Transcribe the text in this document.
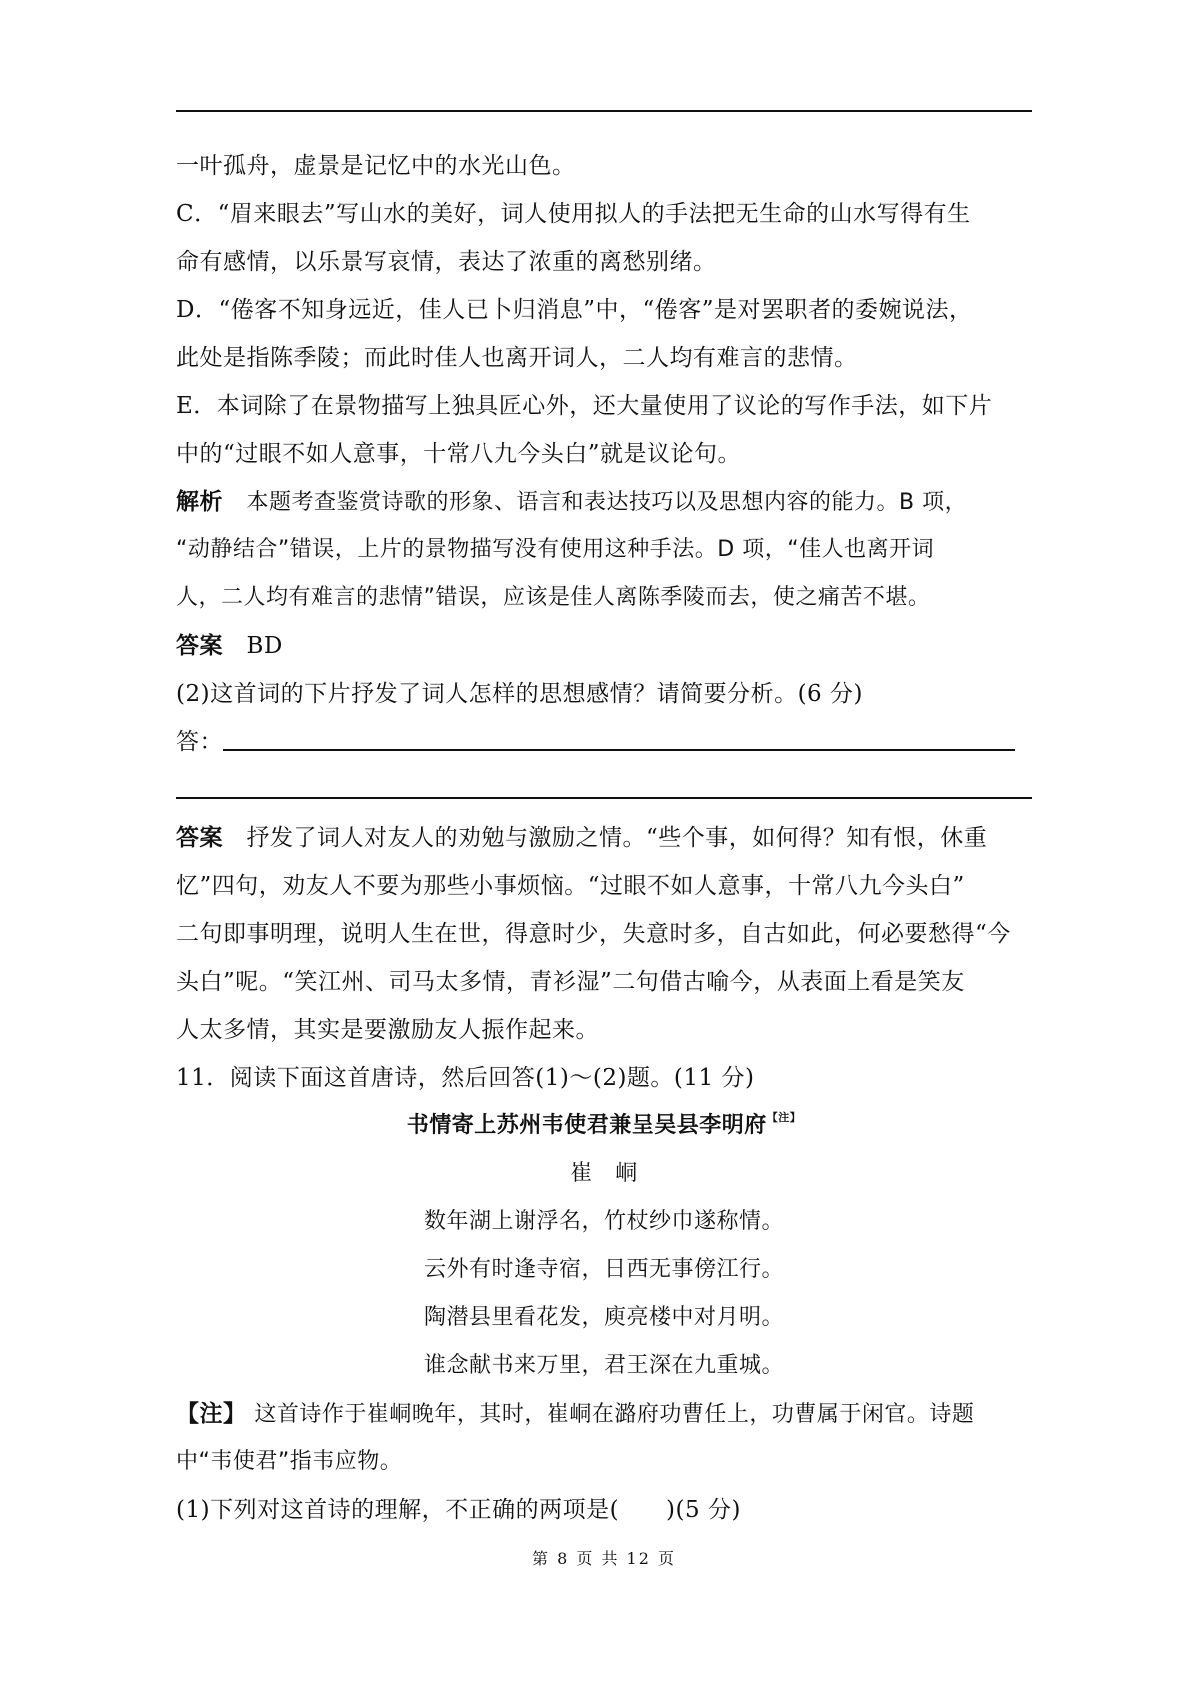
一叶孤舟，虚景是记忆中的水光山色。
C．“眉来眼去”写山水的美好，词人使用拟人的手法把无生命的山水写得有生
命有感情，以乐景写哀情，表达了浓重的离愁别绪。
D．“倦客不知身远近，佳人已卜归消息”中，“倦客”是对罢职者的委婉说法，
此处是指陈季陵；而此时佳人也离开词人，二人均有难言的悲情。
E．本词除了在景物描写上独具匠心外，还大量使用了议论的写作手法，如下片
中的“过眼不如人意事，十常八九今头白”就是议论句。
解析　 本题考查鉴赏诗歌的形象、语言和表达技巧以及思想内容的能力。B 项，
“动静结合”错误，上片的景物描写没有使用这种手法。D 项，“佳人也离开词
人，二人均有难言的悲情”错误，应该是佳人离陈季陵而去，使之痛苦不堪。
答案　 BD
(2)这首词的下片抒发了词人怎样的思想感情？请简要分析。(6 分)
答：
答案　 抒发了词人对友人的劝勉与激励之情。“些个事，如何得？知有恨，休重
忆”四句，劝友人不要为那些小事烦恼。“过眼不如人意事，十常八九今头白”
二句即事明理，说明人生在世，得意时少，失意时多，自古如此，何必要愁得“今
头白”呢。“笑江州、司马太多情，青衫湿”二句借古喻今，从表面上看是笑友
人太多情，其实是要激励友人振作起来。
11．阅读下面这首唐诗，然后回答(1)～(2)题。(11 分)
书情寄上苏州韦使君兼呈吴县李明府$^{【注】}$
崔　峒
数年湖上谢浮名，竹杖纱巾遂称情。
云外有时逢寺宿，日西无事傍江行。
陶潜县里看花发，庾亮楼中对月明。
谁念献书来万里，君王深在九重城。
【注】 这首诗作于崔峒晚年，其时，崔峒在潞府功曹任上，功曹属于闲官。诗题
中“韦使君”指韦应物。
(1)下列对这首诗的理解，不正确的两项是(　　)(5 分)
第 8 页 共 12 页
